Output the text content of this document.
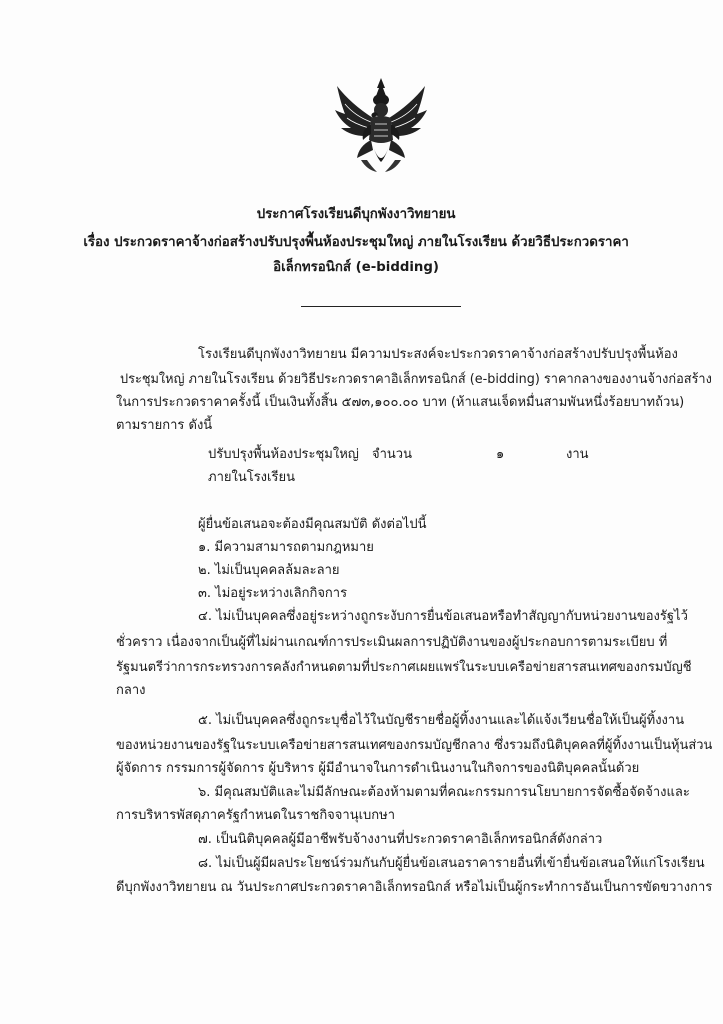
ประกาศโรงเรียนดีบุกพังงาวิทยายน
เรื่อง ประกวดราคาจ้างก่อสร้างปรับปรุงพื้นห้องประชุมใหญ่ ภายในโรงเรียน ด้วยวิธีประกวดราคา
อิเล็กทรอนิกส์ (e-bidding)
โรงเรียนดีบุกพังงาวิทยายน มีความประสงค์จะประกวดราคาจ้างก่อสร้างปรับปรุงพื้นห้อง
ประชุมใหญ่ ภายในโรงเรียน ด้วยวิธีประกวดราคาอิเล็กทรอนิกส์ (e-bidding) ราคากลางของงานจ้างก่อสร้าง
ในการประกวดราคาครั้งนี้ เป็นเงินทั้งสิ้น ๕๗๓,๑๐๐.๐๐ บาท (ห้าแสนเจ็ดหมื่นสามพันหนึ่งร้อยบาทถ้วน)
ตามรายการ ดังนี้
ปรับปรุงพื้นห้องประชุมใหญ่ จำนวน	๑	งาน
ภายในโรงเรียน
ผู้ยื่นข้อเสนอจะต้องมีคุณสมบัติ ดังต่อไปนี้
๑. มีความสามารถตามกฎหมาย
๒. ไม่เป็นบุคคลล้มละลาย
๓. ไม่อยู่ระหว่างเลิกกิจการ
๔. ไม่เป็นบุคคลซึ่งอยู่ระหว่างถูกระงับการยื่นข้อเสนอหรือทำสัญญากับหน่วยงานของรัฐไว้
ชั่วคราว เนื่องจากเป็นผู้ที่ไม่ผ่านเกณฑ์การประเมินผลการปฏิบัติงานของผู้ประกอบการตามระเบียบ ที่
รัฐมนตรีว่าการกระทรวงการคลังกำหนดตามที่ประกาศเผยแพร่ในระบบเครือข่ายสารสนเทศของกรมบัญชี
กลาง
๕. ไม่เป็นบุคคลซึ่งถูกระบุชื่อไว้ในบัญชีรายชื่อผู้ทิ้งงานและได้แจ้งเวียนชื่อให้เป็นผู้ทิ้งงาน
ของหน่วยงานของรัฐในระบบเครือข่ายสารสนเทศของกรมบัญชีกลาง ซึ่งรวมถึงนิติบุคคลที่ผู้ทิ้งงานเป็นหุ้นส่วน
ผู้จัดการ กรรมการผู้จัดการ ผู้บริหาร ผู้มีอำนาจในการดำเนินงานในกิจการของนิติบุคคลนั้นด้วย
๖. มีคุณสมบัติและไม่มีลักษณะต้องห้ามตามที่คณะกรรมการนโยบายการจัดซื้อจัดจ้างและ
การบริหารพัสดุภาครัฐกำหนดในราชกิจจานุเบกษา
๗. เป็นนิติบุคคลผู้มีอาชีพรับจ้างงานที่ประกวดราคาอิเล็กทรอนิกส์ดังกล่าว
๘. ไม่เป็นผู้มีผลประโยชน์ร่วมกันกับผู้ยื่นข้อเสนอราคารายอื่นที่เข้ายื่นข้อเสนอให้แก่โรงเรียน
ดีบุกพังงาวิทยายน ณ วันประกาศประกวดราคาอิเล็กทรอนิกส์ หรือไม่เป็นผู้กระทำการอันเป็นการขัดขวางการ
